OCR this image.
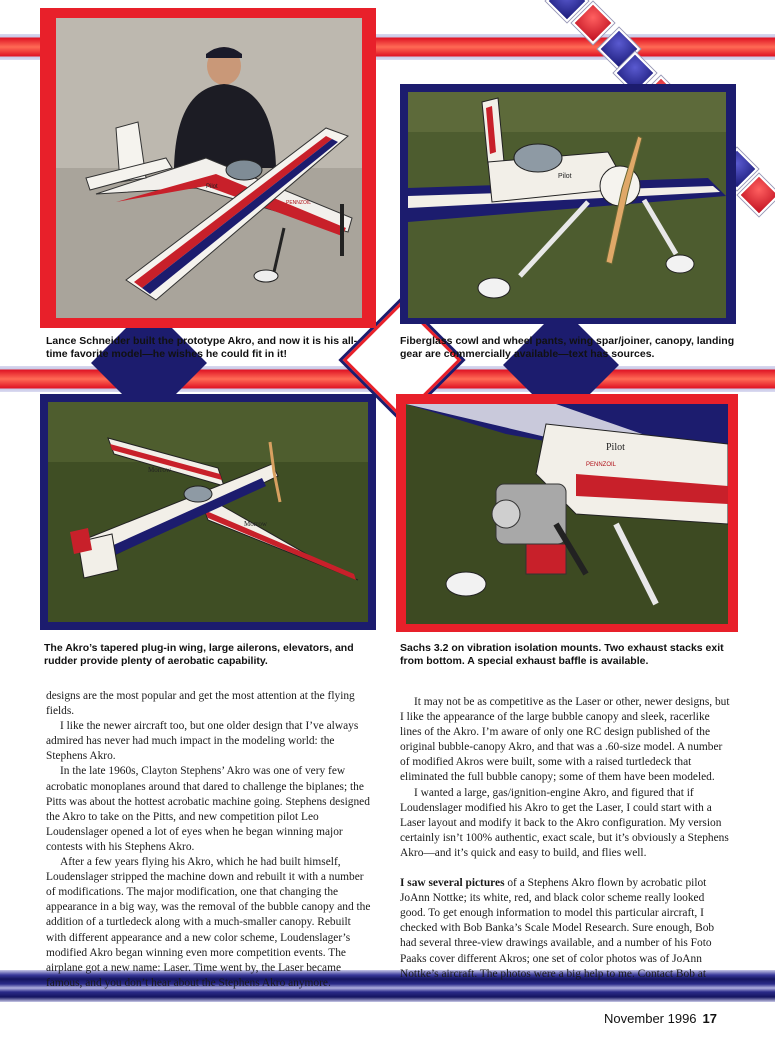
Pilot
PENNZOIL
Pilot
Lance Schneider built the prototype Akro, and now it is his all-time favorite model—he wishes he could fit in it!
Fiberglass cowl and wheel pants, wing spar/joiner, canopy, landing gear are commercially available—text has sources.
Morrow
Morrow
Pilot
PENNZOIL
The Akro’s tapered plug-in wing, large ailerons, elevators, and rudder provide plenty of aerobatic capability.
Sachs 3.2 on vibration isolation mounts. Two exhaust stacks exit from bottom. A special exhaust baffle is available.

designs are the most popular and get the most attention at the flying fields.

I like the newer aircraft too, but one older design that I’ve always admired has never had much impact in the modeling world: the Stephens Akro.

In the late 1960s, Clayton Stephens’ Akro was one of very few acrobatic monoplanes around that dared to challenge the biplanes; the Pitts was about the hottest acrobatic machine going. Stephens designed the Akro to take on the Pitts, and new competition pilot Leo Loudenslager opened a lot of eyes when he began winning major contests with his Stephens Akro.

After a few years flying his Akro, which he had built himself, Loudenslager stripped the machine down and rebuilt it with a number of modifications. The major modification, one that changing the appearance in a big way, was the removal of the bubble canopy and the addition of a turtledeck along with a much-smaller canopy. Rebuilt with different appearance and a new color scheme, Loudenslager’s modified Akro began winning even more competition events. The airplane got a new name: Laser. Time went by, the Laser became famous, and you don’t hear about the Stephens Akro anymore.

It may not be as competitive as the Laser or other, newer designs, but I like the appearance of the large bubble canopy and sleek, racerlike lines of the Akro. I’m aware of only one RC design published of the original bubble-canopy Akro, and that was a .60-size model. A number of modified Akros were built, some with a raised turtledeck that eliminated the full bubble canopy; some of them have been modeled.

I wanted a large, gas/ignition-engine Akro, and figured that if Loudenslager modified his Akro to get the Laser, I could start with a Laser layout and modify it back to the Akro configuration. My version certainly isn’t 100% authentic, exact scale, but it’s obviously a Stephens Akro—and it’s quick and easy to build, and flies well.

I saw several pictures of a Stephens Akro flown by acrobatic pilot JoAnn Nottke; its white, red, and black color scheme really looked good. To get enough information to model this particular aircraft, I checked with Bob Banka’s Scale Model Research. Sure enough, Bob had several three-view drawings available, and a number of his Foto Paaks cover different Akros; one set of color photos was of JoAnn Nottke’s aircraft. The photos were a big help to me. Contact Bob at

November 1996 17
